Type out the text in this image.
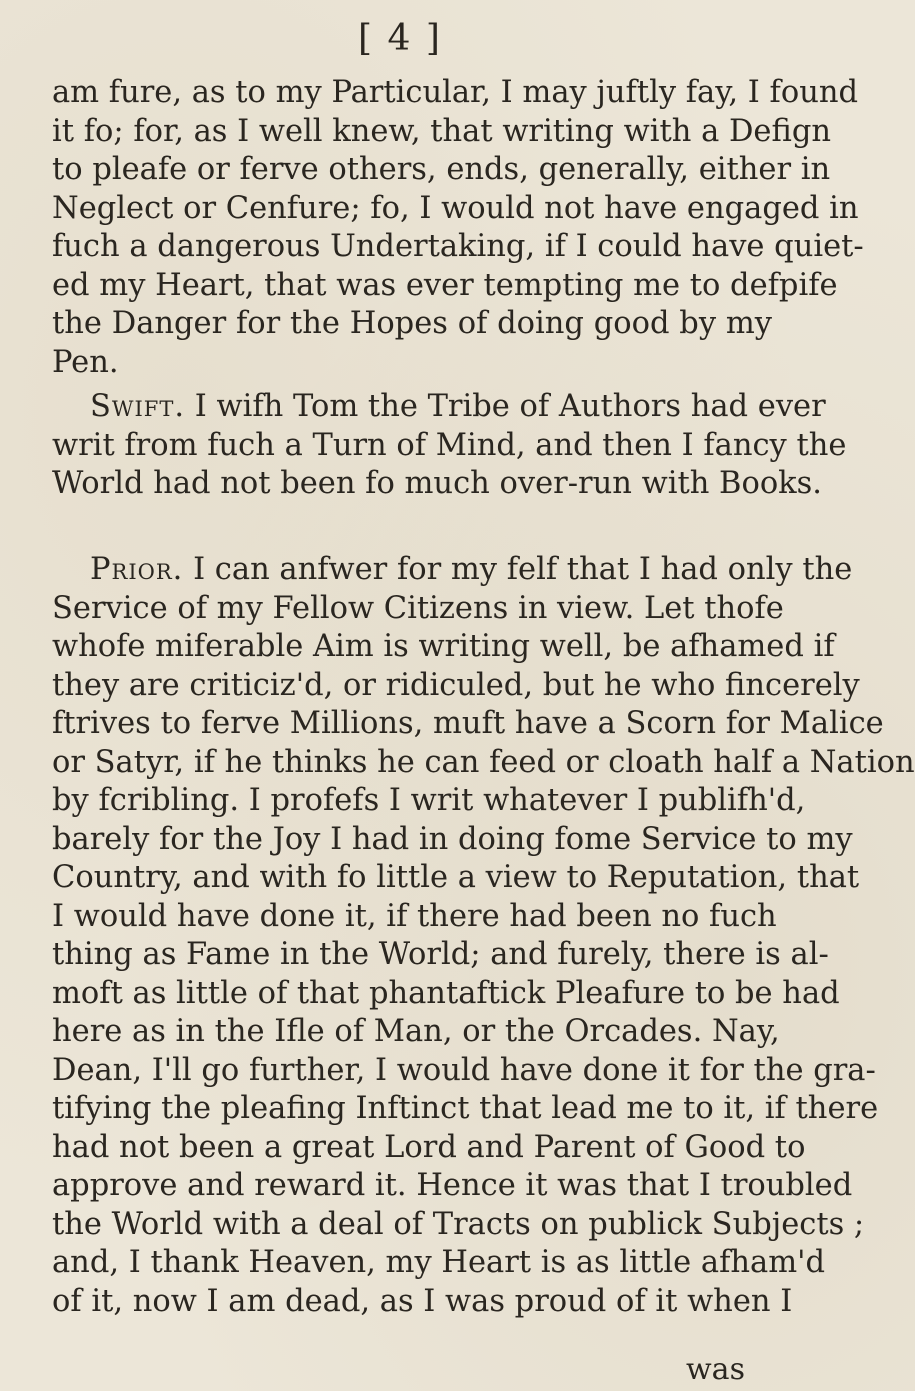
[ 4 ]
am fure, as to my Particular, I may juftly fay, I found
it fo; for, as I well knew, that writing with a Defign
to pleafe or ferve others, ends, generally, either in
Neglect or Cenfure; fo, I would not have engaged in
fuch a dangerous Undertaking, if I could have quiet-
ed my Heart, that was ever tempting me to defpife
the Danger for the Hopes of doing good by my
Pen.
Swift. I wifh Tom the Tribe of Authors had ever
writ from fuch a Turn of Mind, and then I fancy the
World had not been fo much over-run with Books.
Prior. I can anfwer for my felf that I had only the
Service of my Fellow Citizens in view. Let thofe
whofe miferable Aim is writing well, be afhamed if
they are criticiz'd, or ridiculed, but he who fincerely
ftrives to ferve Millions, muft have a Scorn for Malice
or Satyr, if he thinks he can feed or cloath half a Nation
by fcribling. I profefs I writ whatever I publifh'd,
barely for the Joy I had in doing fome Service to my
Country, and with fo little a view to Reputation, that
I would have done it, if there had been no fuch
thing as Fame in the World; and furely, there is al-
moft as little of that phantaftick Pleafure to be had
here as in the Ifle of Man, or the Orcades. Nay,
Dean, I'll go further, I would have done it for the gra-
tifying the pleafing Inftinct that lead me to it, if there
had not been a great Lord and Parent of Good to
approve and reward it. Hence it was that I troubled
the World with a deal of Tracts on publick Subjects ;
and, I thank Heaven, my Heart is as little afham'd
of it, now I am dead, as I was proud of it when I
was
